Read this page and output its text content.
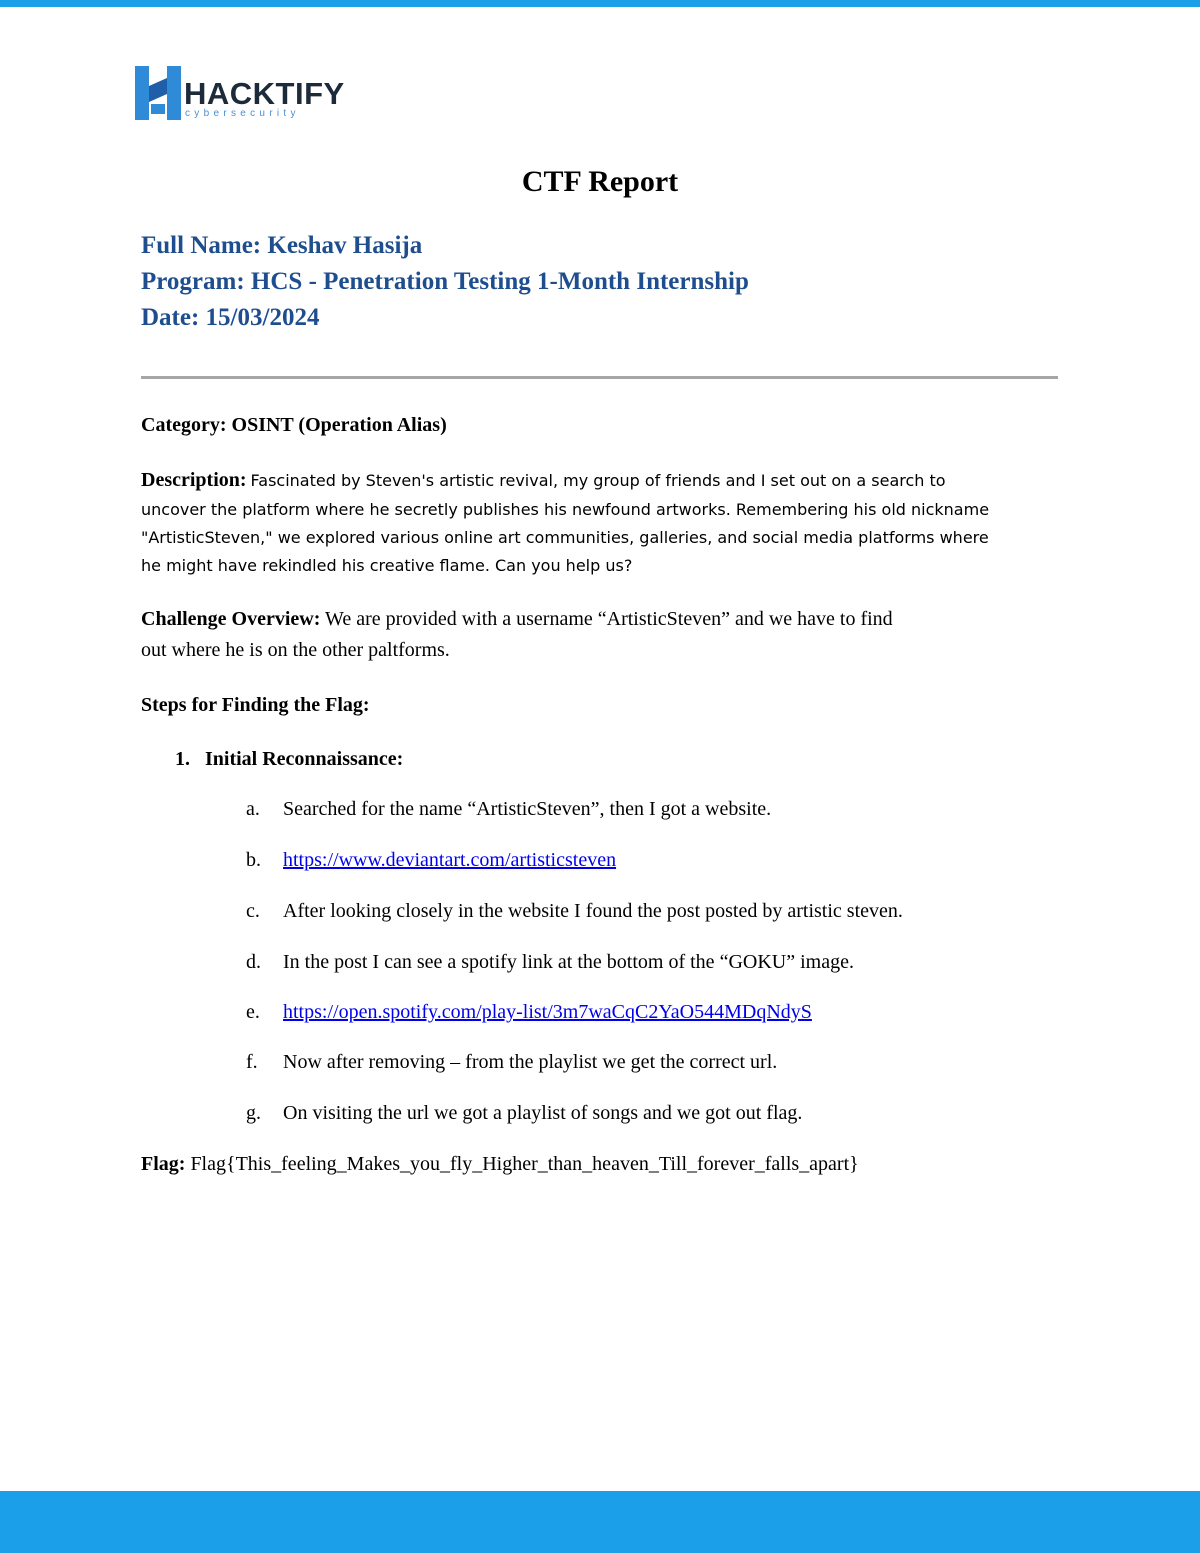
HACKTIFY
cybersecurity
CTF Report
Full Name: Keshav Hasija
Program: HCS - Penetration Testing 1-Month Internship
Date: 15/03/2024
Category: OSINT (Operation Alias)
Description: Fascinated by Steven's artistic revival, my group of friends and I set out on a search to
uncover the platform where he secretly publishes his newfound artworks. Remembering his old nickname
"ArtisticSteven," we explored various online art communities, galleries, and social media platforms where
he might have rekindled his creative flame. Can you help us?
Challenge Overview: We are provided with a username “ArtisticSteven” and we have to find
out where he is on the other paltforms.
Steps for Finding the Flag:
1. Initial Reconnaissance:
a.	Searched for the name “ArtisticSteven”, then I got a website.
b.	https://www.deviantart.com/artisticsteven
c.	After looking closely in the website I found the post posted by artistic steven.
d.	In the post I can see a spotify link at the bottom of the “GOKU” image.
e.	https://open.spotify.com/play-list/3m7waCqC2YaO544MDqNdyS
f.	Now after removing – from the playlist we get the correct url.
g.	On visiting the url we got a playlist of songs and we got out flag.
Flag: Flag{This_feeling_Makes_you_fly_Higher_than_heaven_Till_forever_falls_apart}
